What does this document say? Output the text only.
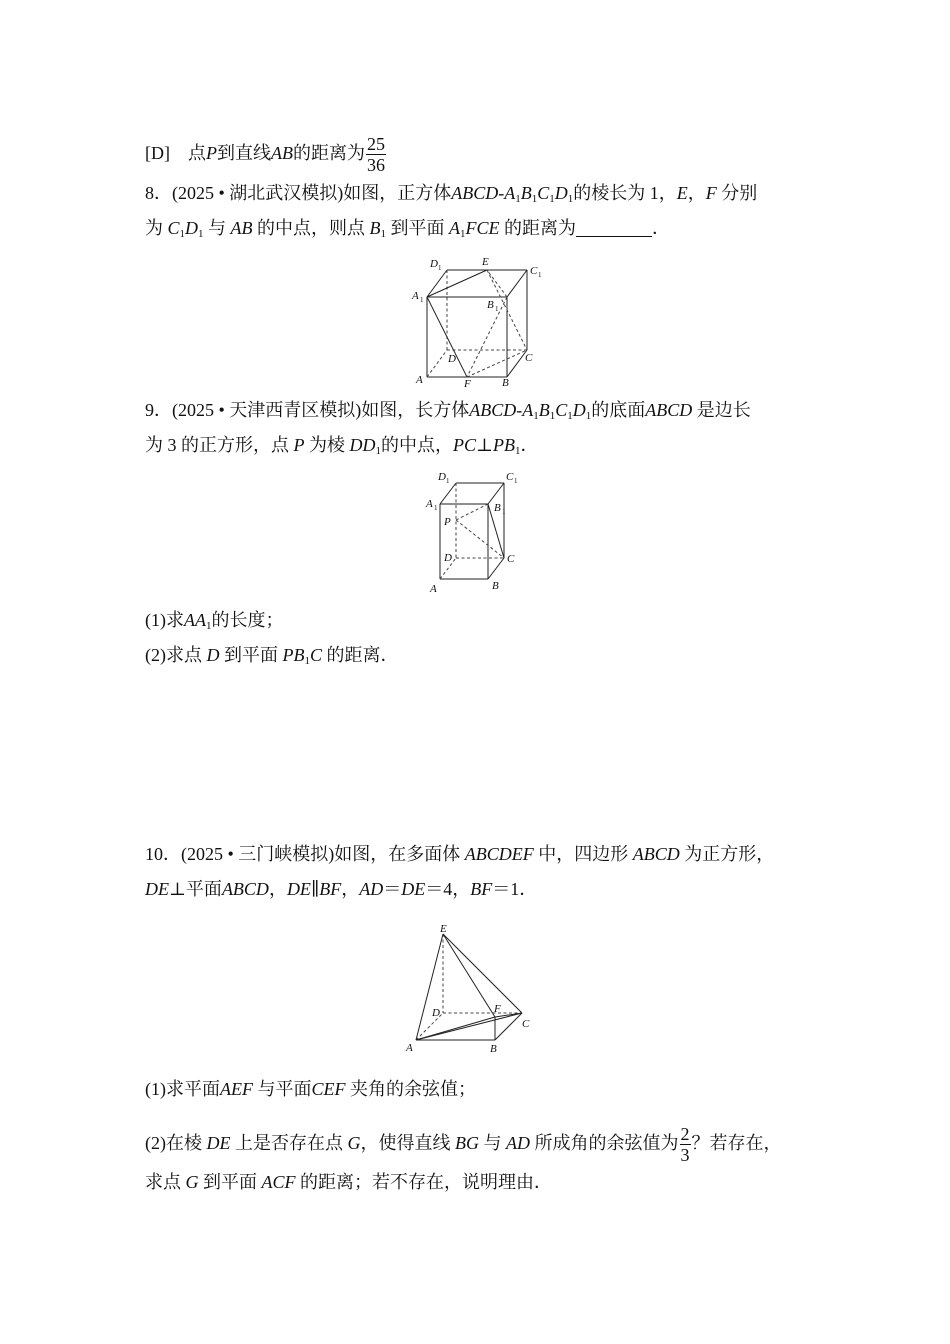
[D] 点P到直线AB的距离为 $\frac{25}{36}$
8．(2025 • 湖北武汉模拟)如图，正方体ABCD-$A_1B_1C_1D_1$的棱长为 1，E，F 分别
为 $C_1D_1$ 与 AB 的中点，则点 $B_1$ 到平面 $A_1FCE$ 的距离为	．
D 1	E
C 1
A 1	B 1
D	C
A	F	B
9．(2025 • 天津西青区模拟)如图，长方体ABCD-$A_1B_1C_1D_1$的底面ABCD 是边长
为 3 的正方形，点 P 为棱 $DD_1$的中点，$PC\perp PB_1$．
D 1	C 1
A 1	B 1
P
D	C
A	B
(1)求$AA_1$的长度；
(2)求点 D 到平面 $PB_1C$ 的距离．
10．(2025 • 三门峡模拟)如图，在多面体 ABCDEF 中，四边形 ABCD 为正方形，
DE⊥平面ABCD，DE∥BF，AD＝DE＝4，BF＝1．
E
D	F
C
A	B
(1)求平面AEF 与平面CEF 夹角的余弦值；
(2)在棱 DE 上是否存在点 G，使得直线 BG 与 AD 所成角的余弦值为 $\frac{2}{3}$ ？若存在，
求点 G 到平面 ACF 的距离；若不存在，说明理由．
